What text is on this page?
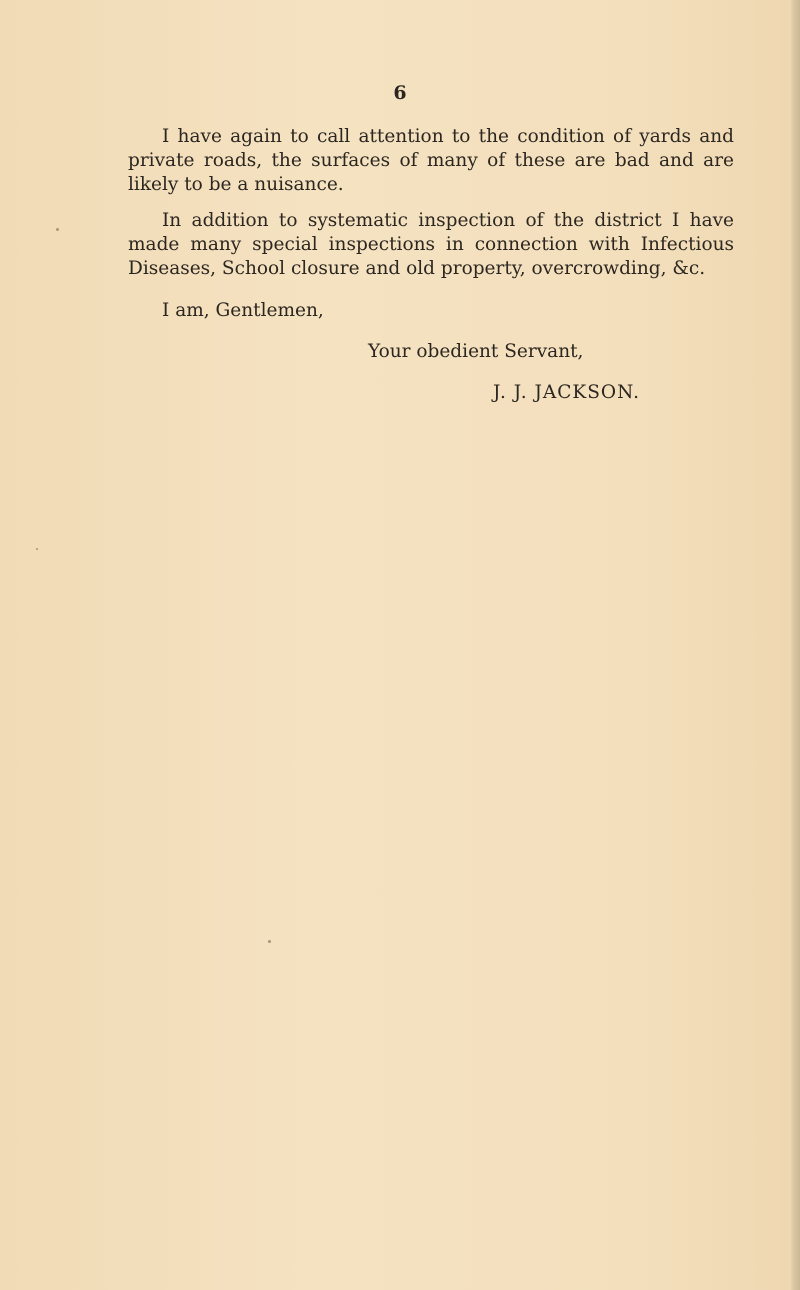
6

I have again to call attention to the condition of yards and private roads, the surfaces of many of these are bad and are likely to be a nuisance.

In addition to systematic inspection of the district I have made many special inspections in connection with Infectious Diseases, School closure and old property, overcrowding, &c.

I am, Gentlemen,

Your obedient Servant,

J. J. JACKSON.
